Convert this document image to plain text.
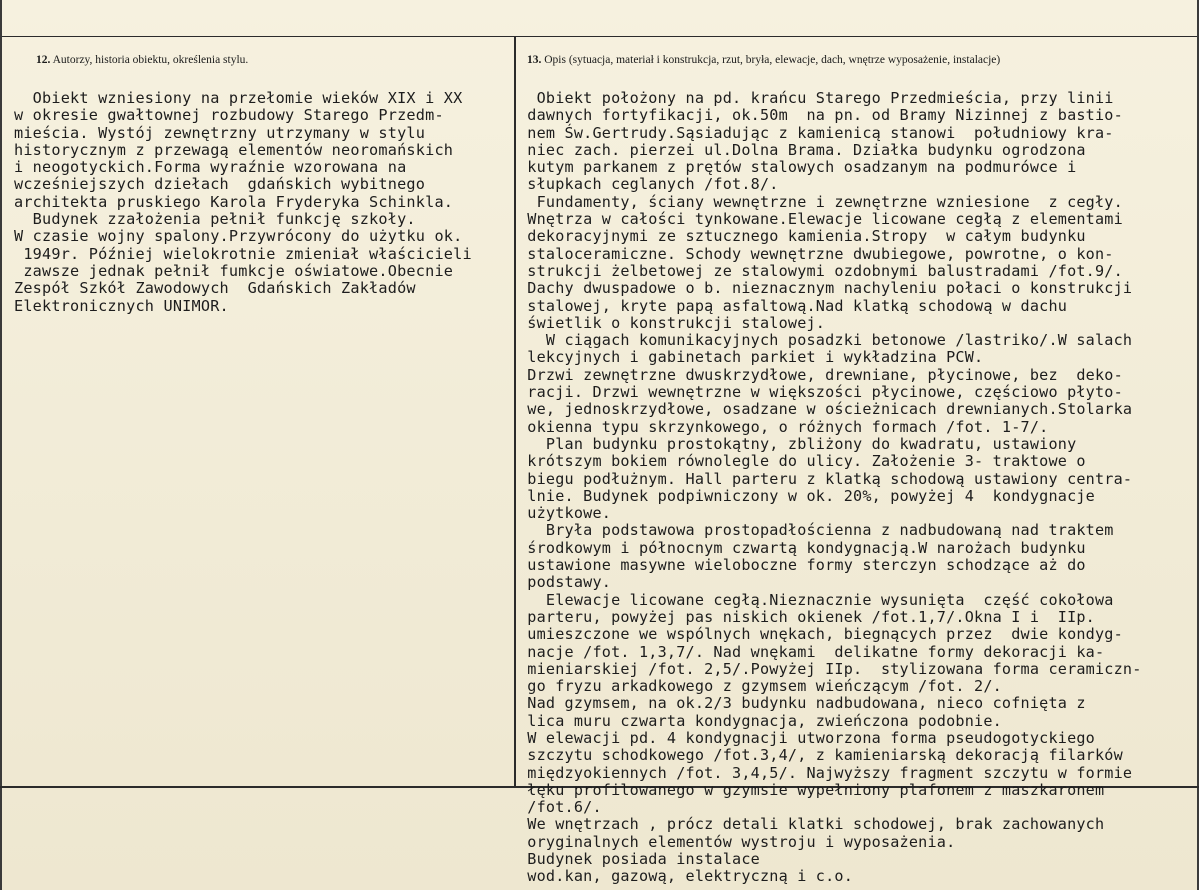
12. Autorzy, historia obiektu, określenia stylu.	13. Opis (sytuacja, materiał i konstrukcja, rzut, bryła, elewacje, dach, wnętrze wyposażenie, instalacje)
Obiekt wzniesiony na przełomie wieków XIX i XX
w okresie gwałtownej rozbudowy Starego Przedm-
mieścia. Wystój zewnętrzny utrzymany w stylu
historycznym z przewagą elementów neoromańskich
i neogotyckich.Forma wyraźnie wzorowana na
wcześniejszych dziełach  gdańskich wybitnego
architekta pruskiego Karola Fryderyka Schinkla.
Budynek zzałożenia pełnił funkcję szkoły.
W czasie wojny spalony.Przywrócony do użytku ok.
1949r. Później wielokrotnie zmieniał właścicieli
zawsze jednak pełnił fumkcje oświatowe.Obecnie
Zespół Szkół Zawodowych  Gdańskich Zakładów
Elektronicznych UNIMOR.
Obiekt położony na pd. krańcu Starego Przedmieścia, przy linii
dawnych fortyfikacji, ok.50m  na pn. od Bramy Nizinnej z bastio-
nem Św.Gertrudy.Sąsiadując z kamienicą stanowi  południowy kra-
niec zach. pierzei ul.Dolna Brama. Działka budynku ogrodzona
kutym parkanem z prętów stalowych osadzanym na podmurówce i
słupkach ceglanych /fot.8/.
Fundamenty, ściany wewnętrzne i zewnętrzne wzniesione  z cegły.
Wnętrza w całości tynkowane.Elewacje licowane cegłą z elementami
dekoracyjnymi ze sztucznego kamienia.Stropy  w całym budynku
staloceramiczne. Schody wewnętrzne dwubiegowe, powrotne, o kon-
strukcji żelbetowej ze stalowymi ozdobnymi balustradami /fot.9/.
Dachy dwuspadowe o b. nieznacznym nachyleniu połaci o konstrukcji
stalowej, kryte papą asfaltową.Nad klatką schodową w dachu
świetlik o konstrukcji stalowej.
W ciągach komunikacyjnych posadzki betonowe /lastriko/.W salach
lekcyjnych i gabinetach parkiet i wykładzina PCW.
Drzwi zewnętrzne dwuskrzydłowe, drewniane, płycinowe, bez  deko-
racji. Drzwi wewnętrzne w większości płycinowe, częściowo płyto-
we, jednoskrzydłowe, osadzane w ościeżnicach drewnianych.Stolarka
okienna typu skrzynkowego, o różnych formach /fot. 1-7/.
Plan budynku prostokątny, zbliżony do kwadratu, ustawiony
krótszym bokiem równolegle do ulicy. Założenie 3- traktowe o
biegu podłużnym. Hall parteru z klatką schodową ustawiony centra-
lnie. Budynek podpiwniczony w ok. 20%, powyżej 4  kondygnacje
użytkowe.
Bryła podstawowa prostopadłościenna z nadbudowaną nad traktem
środkowym i północnym czwartą kondygnacją.W narożach budynku
ustawione masywne wieloboczne formy sterczyn schodzące aż do
podstawy.
Elewacje licowane cegłą.Nieznacznie wysunięta  część cokołowa
parteru, powyżej pas niskich okienek /fot.1,7/.Okna I i  IIp.
umieszczone we wspólnych wnękach, biegnących przez  dwie kondyg-
nacje /fot. 1,3,7/. Nad wnękami  delikatne formy dekoracji ka-
mieniarskiej /fot. 2,5/.Powyżej IIp.  stylizowana forma ceramiczn-
go fryzu arkadkowego z gzymsem wieńczącym /fot. 2/.
Nad gzymsem, na ok.2/3 budynku nadbudowana, nieco cofnięta z
lica muru czwarta kondygnacja, zwieńczona podobnie.
W elewacji pd. 4 kondygnacji utworzona forma pseudogotyckiego
szczytu schodkowego /fot.3,4/, z kamieniarską dekoracją filarków
międzyokiennych /fot. 3,4,5/. Najwyższy fragment szczytu w formie
łęku profilowanego w gzymsie wypełniony plafonem z maszkaronem
/fot.6/.
We wnętrzach , prócz detali klatki schodowej, brak zachowanych
oryginalnych elementów wystroju i wyposażenia.
Budynek posiada instalace
wod.kan, gazową, elektryczną i c.o.
